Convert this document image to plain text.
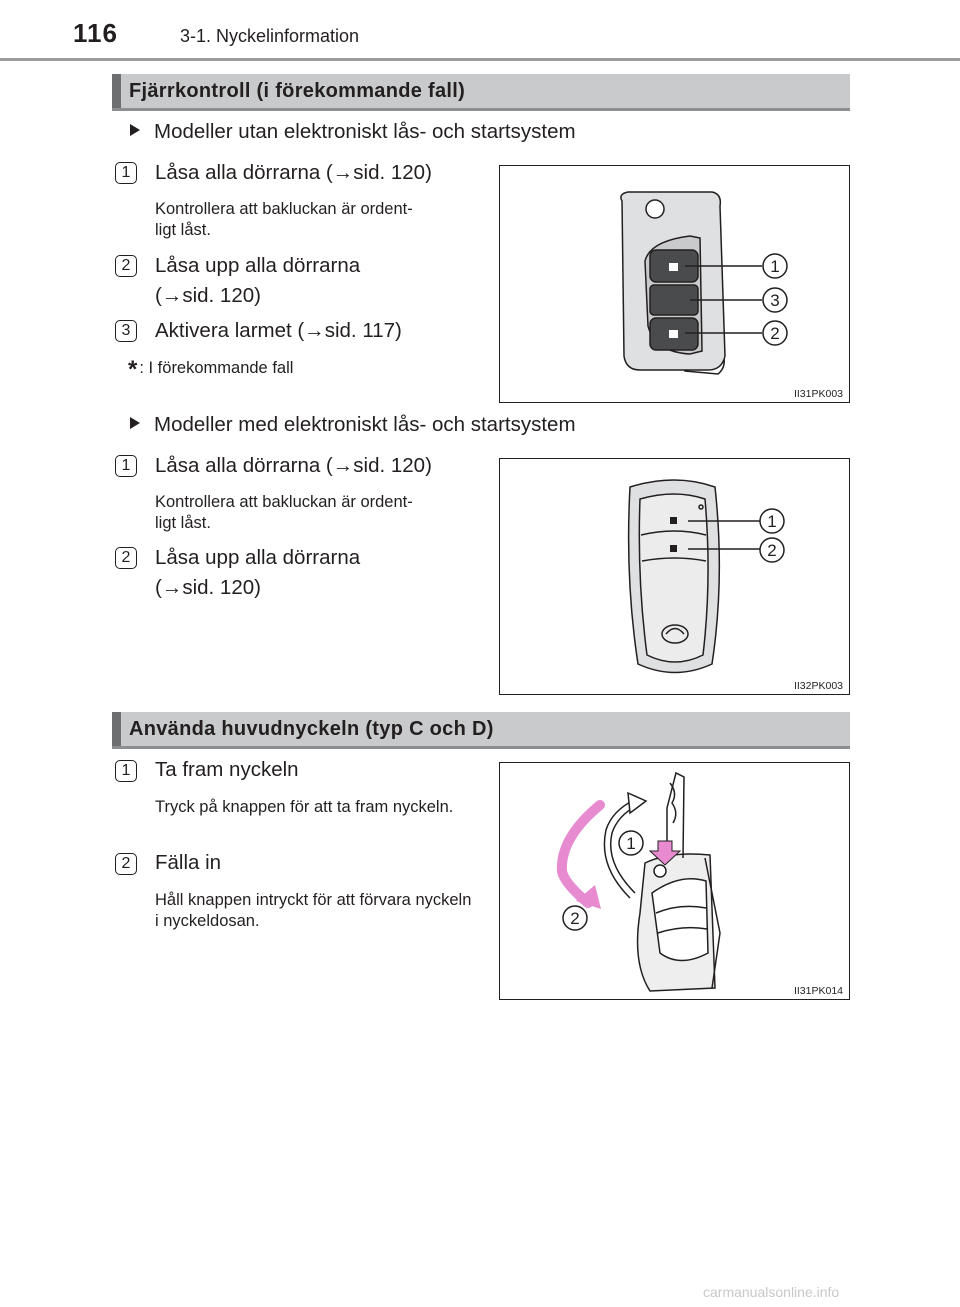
116	3-1. Nyckelinformation
Fjärrkontroll (i förekommande fall)
Modeller utan elektroniskt lås- och startsystem
1	Låsa alla dörrarna (→sid. 120)
Kontrollera att bakluckan är ordent-
ligt låst.
2	Låsa upp alla dörrarna
(→sid. 120)
3	Aktivera larmet (→sid. 117)
* : I förekommande fall
1
3
2
II31PK003
Modeller med elektroniskt lås- och startsystem
1	Låsa alla dörrarna (→sid. 120)
Kontrollera att bakluckan är ordent-
ligt låst.
2	Låsa upp alla dörrarna
(→sid. 120)
1
2
II32PK003
Använda huvudnyckeln (typ C och D)
1	Ta fram nyckeln
Tryck på knappen för att ta fram nyckeln.
2	Fälla in
Håll knappen intryckt för att förvara nyckeln i nyckeldosan.
1
2
II31PK014
carmanualsonline.info
